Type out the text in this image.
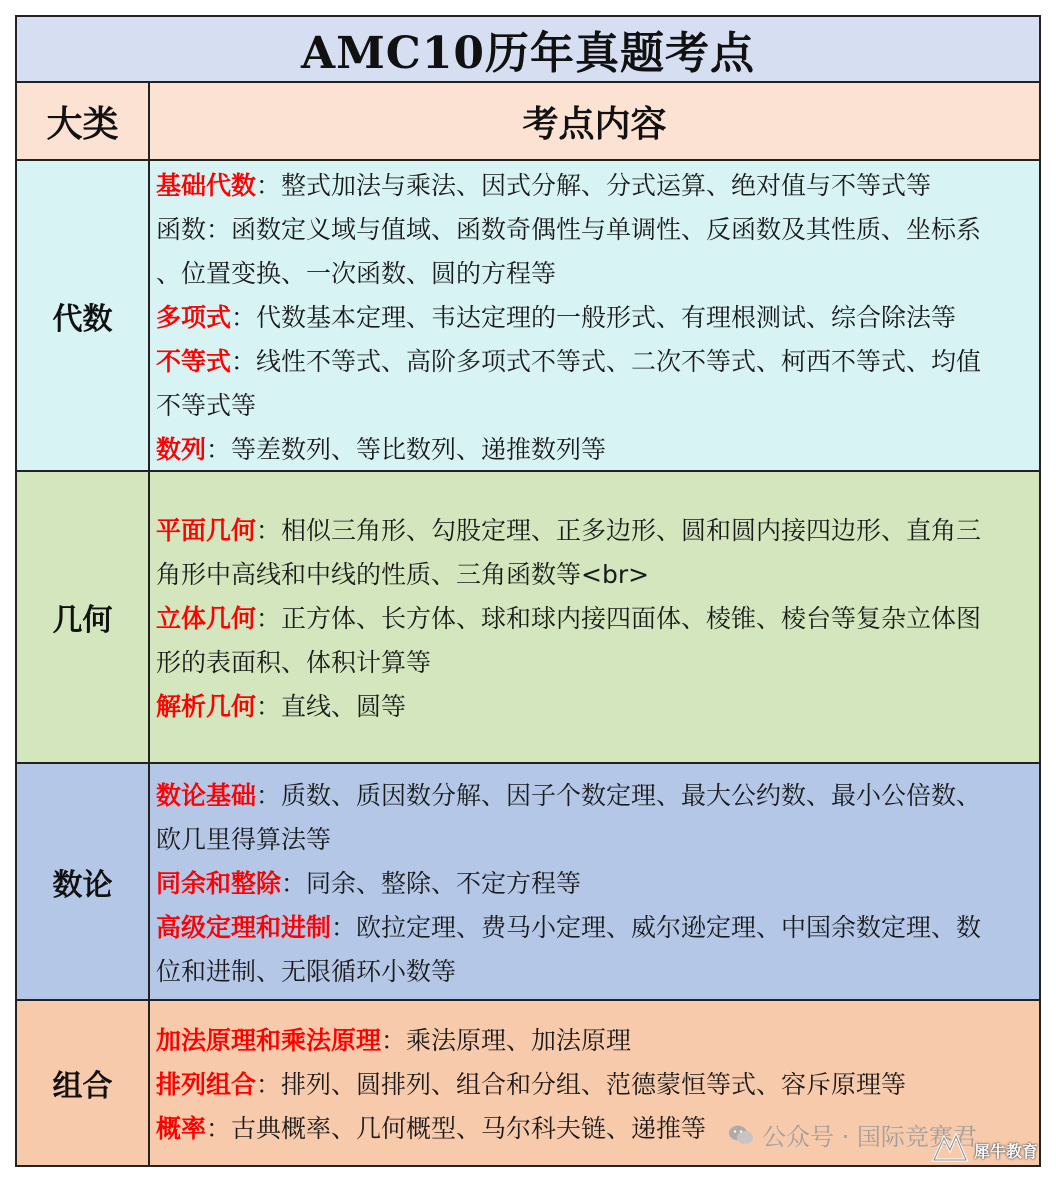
AMC10历年真题考点
大类	考点内容
代数
基础代数：整式加法与乘法、因式分解、分式运算、绝对值与不等式等
函数：函数定义域与值域、函数奇偶性与单调性、反函数及其性质、坐标系
、位置变换、一次函数、圆的方程等
多项式：代数基本定理、韦达定理的一般形式、有理根测试、综合除法等
不等式：线性不等式、高阶多项式不等式、二次不等式、柯西不等式、均值
不等式等
数列：等差数列、等比数列、递推数列等
几何
平面几何：相似三角形、勾股定理、正多边形、圆和圆内接四边形、直角三
角形中高线和中线的性质、三角函数等<br>
立体几何：正方体、长方体、球和球内接四面体、棱锥、棱台等复杂立体图
形的表面积、体积计算等
解析几何：直线、圆等
数论
数论基础：质数、质因数分解、因子个数定理、最大公约数、最小公倍数、
欧几里得算法等
同余和整除：同余、整除、不定方程等
高级定理和进制：欧拉定理、费马小定理、威尔逊定理、中国余数定理、数
位和进制、无限循环小数等
组合
加法原理和乘法原理：乘法原理、加法原理
排列组合：排列、圆排列、组合和分组、范德蒙恒等式、容斥原理等
概率：古典概率、几何概型、马尔科夫链、递推等	公众号 · 国际竞赛君
犀牛教育
